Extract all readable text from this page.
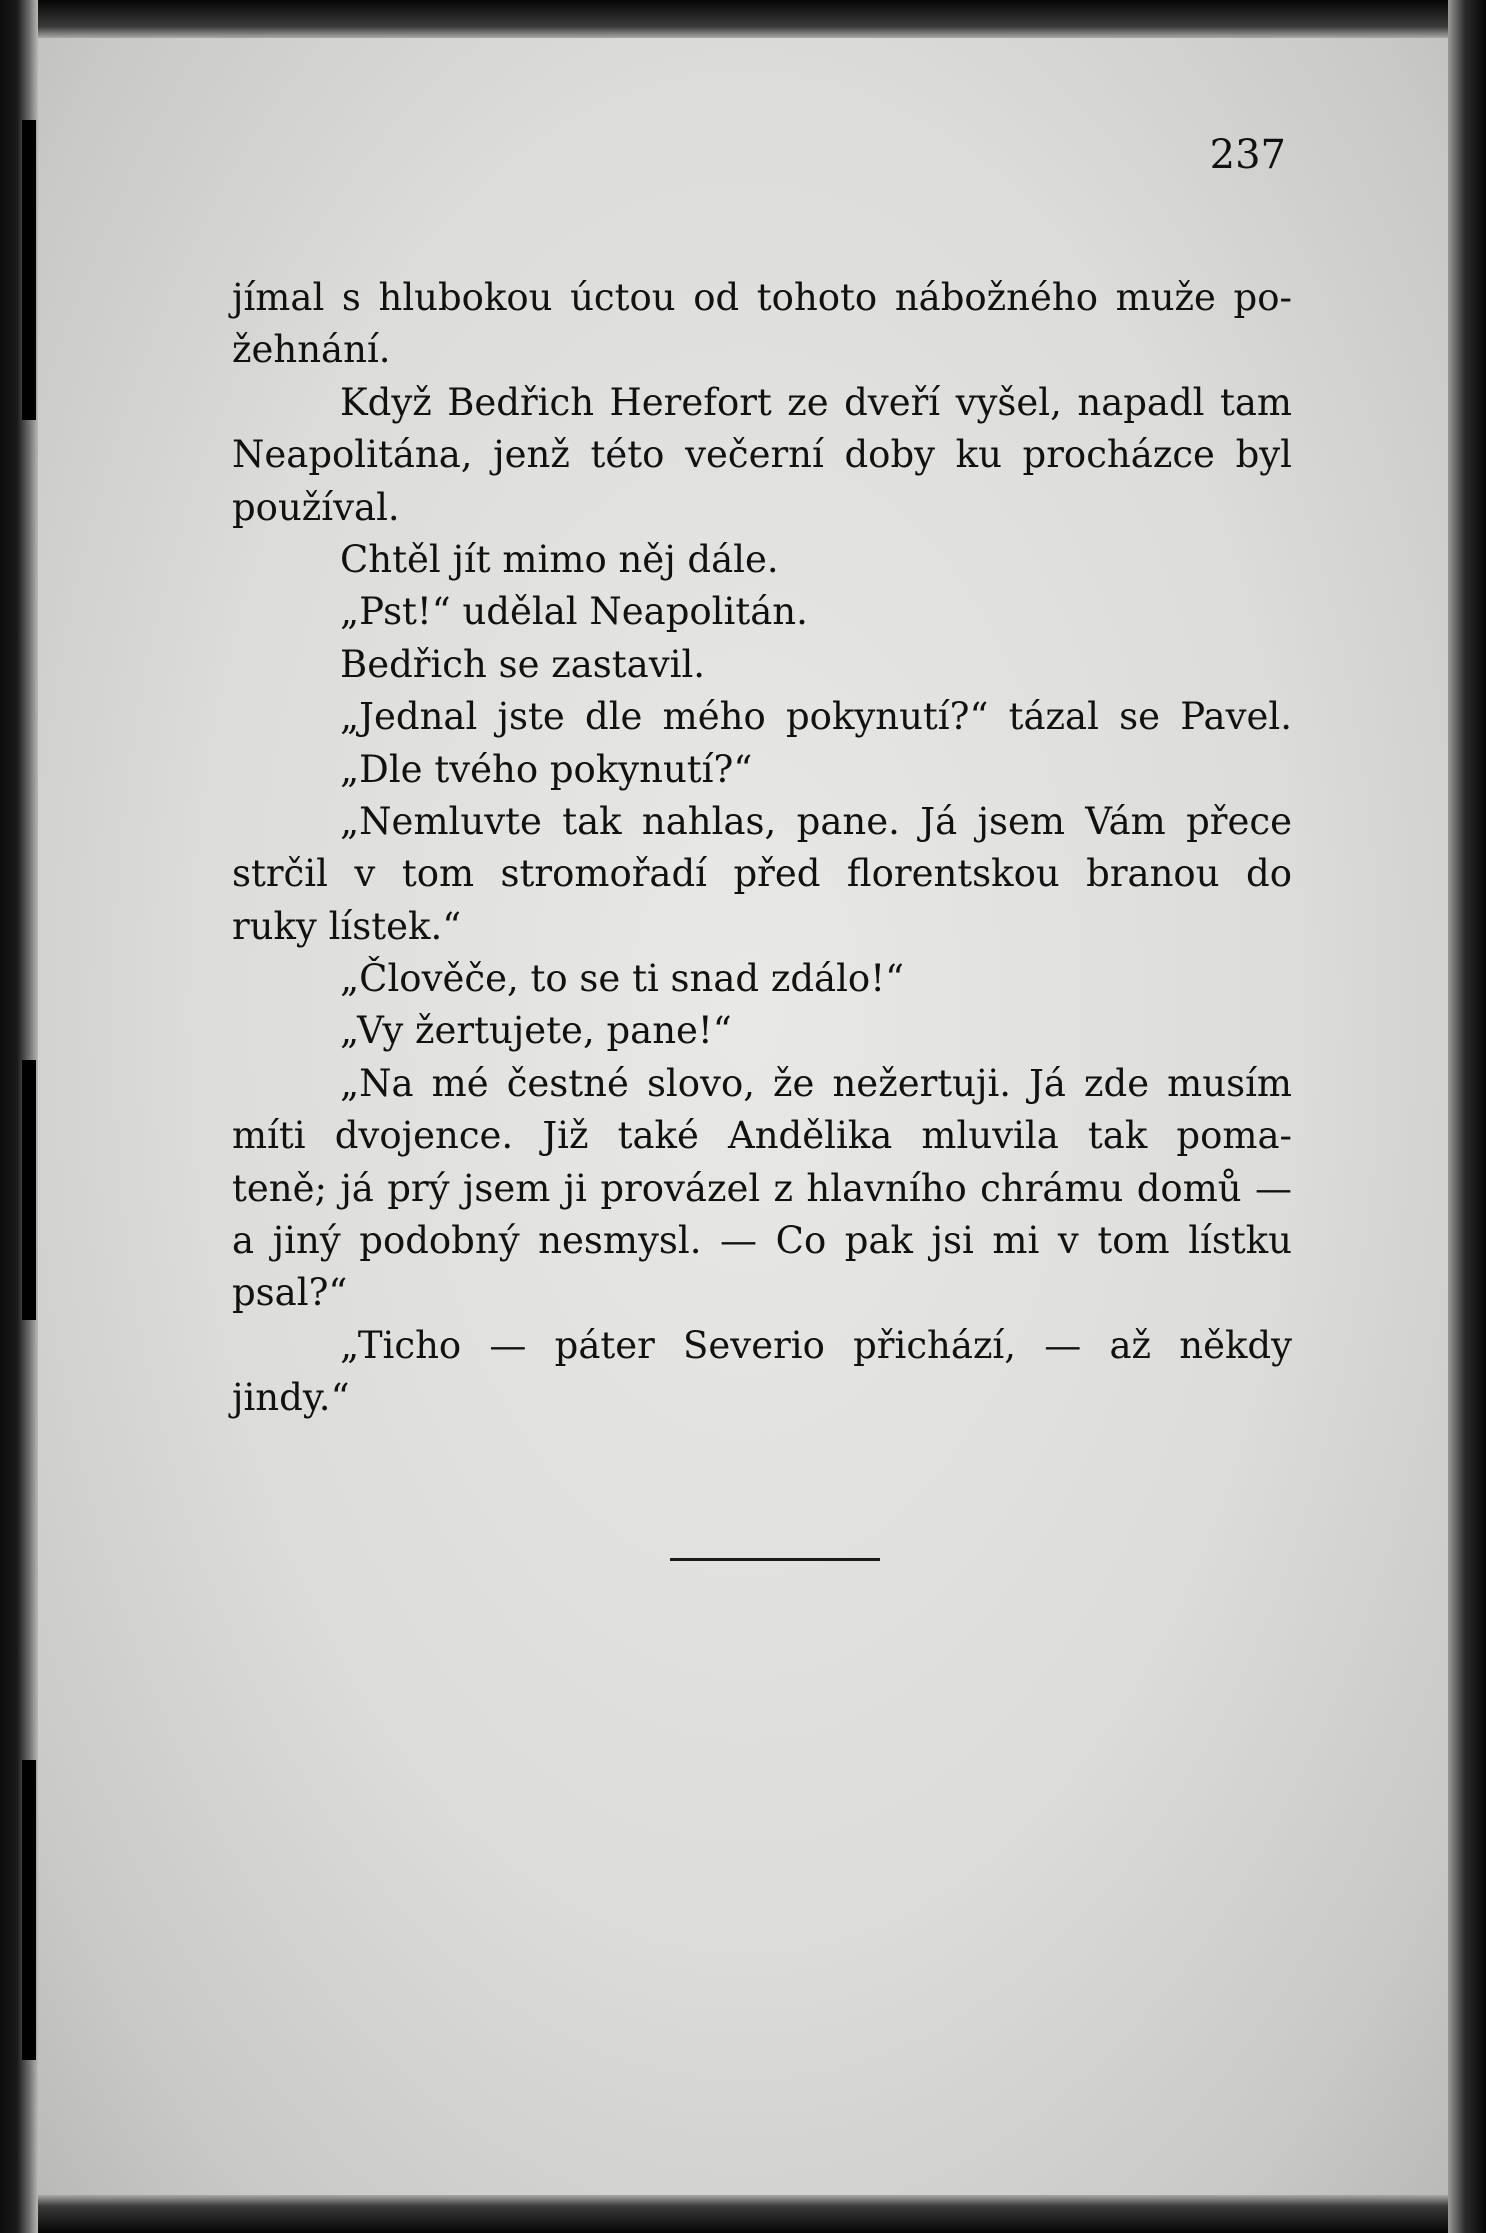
237
jímal s hlubokou úctou od tohoto nábožného muže po-
žehnání.
Když Bedřich Herefort ze dveří vyšel, napadl tam
Neapolitána, jenž této večerní doby ku procházce byl
používal.
Chtěl jít mimo něj dále.
„Pst!“ udělal Neapolitán.
Bedřich se zastavil.
„Jednal jste dle mého pokynutí?“ tázal se Pavel.
„Dle tvého pokynutí?“
„Nemluvte tak nahlas, pane. Já jsem Vám přece
strčil v tom stromořadí před florentskou branou do
ruky lístek.“
„Člověče, to se ti snad zdálo!“
„Vy žertujete, pane!“
„Na mé čestné slovo, že nežertuji. Já zde musím
míti dvojence. Již také Andělika mluvila tak poma-
teně; já prý jsem ji provázel z hlavního chrámu domů —
a jiný podobný nesmysl. — Co pak jsi mi v tom lístku
psal?“
„Ticho — páter Severio přichází, — až někdy
jindy.“
